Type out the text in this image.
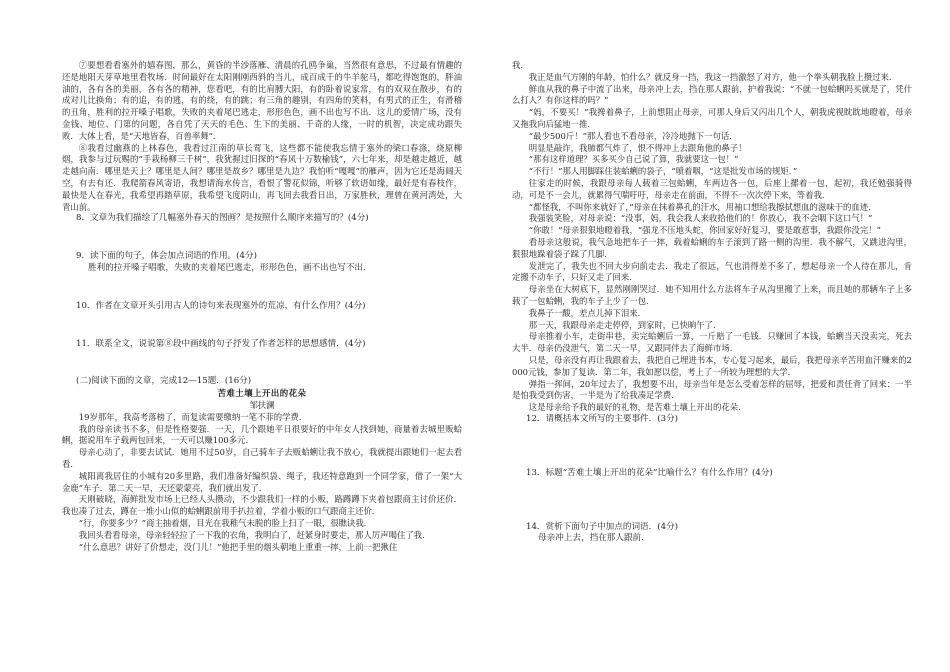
⑦要想看看塞外的嬉春图，那么，黄昏的半沙落雁、清晨的孔鸥争巢，当然很有意思，不过最有情趣的还是地阳天芽草地里看牧场．时间最好在太阳刚刚西斜的当儿，成百成千的牛羊驼马，都吃得饱饱的，胖油油的，各有各的美丽，各有各的精神，您看吧，有的比肩膊大阳，有的卧着说家常，有的双双在散步，有的成对儿比换角；有的追，有的逃，有的绕，有的跳；有三角的趣别，有四角的笑料，有男式的正生，有滑稽的丑角，胜利的拉开嗓子唱歌，失败的夹着尾巴逃走，形形色色，画不出也写不出．这儿的爱情广场，没有金钱、地位、门第的问题，各自凭了天天的毛色、生下的美丽、千奇的人缘，一时的机智，决定成功跟失败．大体上看，是“天地皆春，百兽率舞”．

⑧我看过幽燕的上林春色，我看过江南的草长莺飞，这些都不能使我忘情于塞外的梁口春涤，烧原柳烟，我参与过玩赐的“手栽杨柳三千树”，我犹握过旧探的“春风十万数榆钱”，六七年来，却是越走越近，越走越向南．哪里是天上？哪里是人间？哪里是故乡？哪里是九边？我怕听“嘎嘎”的雁声，因为它还是海阔天空，有去有还．我爬箭春风寄语，我想请海水传言，看恨了警花似锦，听够了软语如缘，最好是有春枝作，最快是人在春光，我希望再踏草原，我希望飞度阴山，再飞回去我看日出，万家胜秋，理曾在黄河湾处，大青山前。

8．文章为我们描绘了几幅塞外春天的图画？是按照什么顺序来描写的？(4分)

9．读下面的句子，体会加点词语的作用。(4分)

胜利的拉开嗓子唱歌，失败的夹着尾巴逃走，形形色色，画不出也写不出．

10．作者在文章开头引用古人的诗句来表现塞外的荒凉，有什么作用？(4分)

11．联系全文，说说第⑧段中画线的句子抒发了作者怎样的思想感情．(4分)

(二)阅读下面的文章，完成12—15题．(16分)

苦难土壤上开出的花朵

邹扶澜

19岁那年，我高考落榜了，而复读需要缴纳一笔不菲的学费．

我的母亲读书不多，但是性格要强．一天，几个跟她平日很要好的中年女人找到她，商量着去城里贩蛤蜊，据说用车子载两包回来，一天可以赚100多元．

母亲心动了，非要去试试．她用不过50岁，自己骑车子去贩蛤蜊让我不放心，我就提出跟她们一起去看看．

城阳离我居住的小城有20多里路，我们准备好编织袋、绳子，我还特意跑到一个同学家，借了一架“大金鹿”车子．第二天一早，天还蒙蒙亮，我们就出发了．

天刚破晓，海鲜批发市场上已经人头攒动，不少跟我们一样的小贩，路蹲蹲下夹着包跟商主讨价还价．我也凑了过去，蹲在一堆小山似的蛤蜊跟前用手扒拉着，学着小贩的口气跟商主还价．

“行，你要多少？”商主抽着烟，目光在我稚气未脱的脸上扫了一眼，很瞧诀我．

我回头看看母亲，母亲轻轻拉了一下我的衣角，我明白了，赶紧身时要走，那人厉声喝住了我．

“什么意思？讲好了价想走，没门儿！”他把手里的烟头朝地上重重一摔，上前一把揪住

我．

我正是血气方刚的年龄，怕什么？就反身一挡，我这一挡激怒了对方，他一个拳头朝我脸上攒过来．

鲜血从我的鼻子中流了出来，母亲冲上去，挡在那人跟前，护着我说：“不就一包蛤蜊吗买就是了，凭什么打人？有你这样的吗？”

“妈，不要买！”我搀着鼻子，上前想阻止母亲，可那人身后又闪出几个人，朝我虎视眈眈地瞪着，母亲又拖我向后猛地一推．

“最少500斤！”那人看也不看母亲，冷冷地抛下一句话．

明显是敲诈，我肺都气炸了，恨不得冲上去跟角他的鼻子！

“那有这样道理？买多买少自己说了算，我就要这一包！”

“不行！”那人用脚踩住装蛤蜊的袋子，“喷着咽，“这是批发市场的规矩．”

往家走的时候，我跟母亲每人载着三包蛤蜊，车两边各一包，后座上摞着一包，起初，我还勉强骑得动，可是不一会儿，就累得气喘吁吁，母亲走在前面，不得不一次次停下来，等着我．

“都怪我，不叫你来就好了，”母亲在抹着鼻孔的汗水，用袖口想给我擦拭想血的滋味干的血迹．

我强装笑脸，对母亲说：“没事，妈，我会我人来收拾他们的！你放心，我不会咽下这口气！”

“你敢！”母亲狠狠地瞪着我，“强龙不压地头蛇，你回家好好复习，要是敢惹事，我跟你没完！”

看母亲这般说，我气急地把车子一摔，载着蛤蜊的车子滚到了路一侧的沟里．我不解气，又跳进沟里，狠狠地跺着袋子跺了几脚．

发泄完了，我失也不回大步向前走去．我走了很远，气也消得差不多了，想起母亲一个人待在那儿，肯定搬不动车子，只好又走了回来．

母亲坐在大树底下，显然刚刚哭过．她不知用什么方法将车子从沟里搬了上来，而且她的那辆车子上多载了一包蛤蜊，我的车子上少了一包．

我鼻子一酸，差点儿掉下泪来．

那一天，我跟母亲走走停停，到家时，已快晌午了．

母亲推着小车，走街串巷，卖完蛤蜊后一算，一斤赔了一毛钱．只赚回了本钱，蛤蜊当天没卖完，死去大半．母亲仍没泄气，第二天一早，又跟同伴去了海鲜市场．

只是，母亲没有再让我跟着去，我把自己埋进书本，专心复习起来，最后，我把母亲辛苦用血汗赚来的2000元钱，参加了复读．第二年，我如愿以偿，考上了一所较为理想的大学．

弹指一挥间，20年过去了，我想要不出，母亲当年是怎么受着怎样的屈辱，把爱和责任背了回来：一半是怕我受到伤害，一半是为了给我凑足学费．

这是母亲给予我的最好的礼物，是苦难土壤上开出的花朵．

12．请概括本文所写的主要事件．(3分)

13．标题“苦难土壤上开出的花朵”比喻什么？有什么作用？(4分)

14．赏析下面句子中加点的词语．(4分)

母亲冲上去，挡在那人跟前．
